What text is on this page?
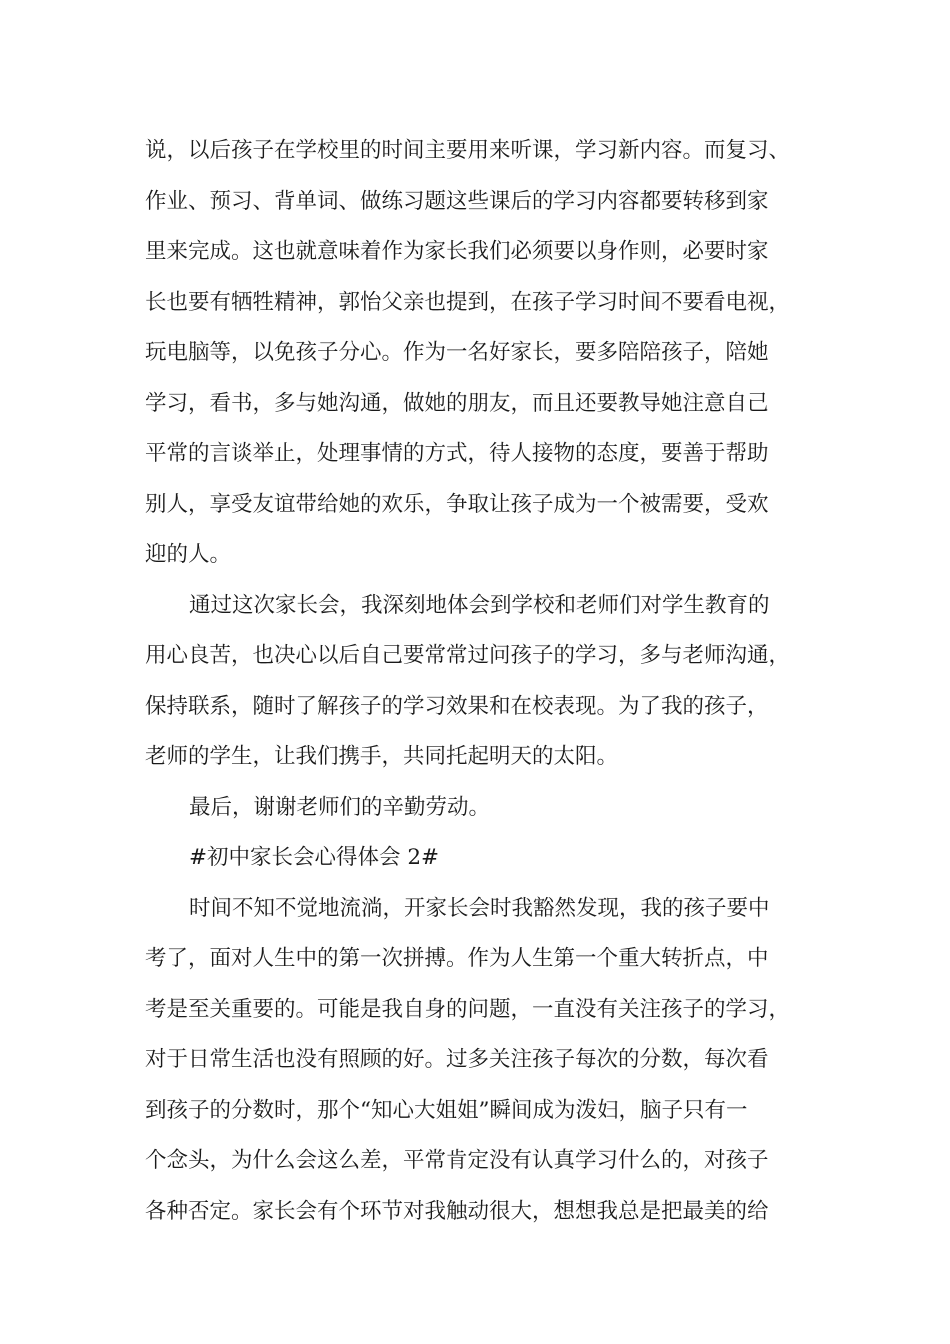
说，以后孩子在学校里的时间主要用来听课，学习新内容。而复习、
作业、预习、背单词、做练习题这些课后的学习内容都要转移到家
里来完成。这也就意味着作为家长我们必须要以身作则，必要时家
长也要有牺牲精神，郭怡父亲也提到，在孩子学习时间不要看电视，
玩电脑等，以免孩子分心。作为一名好家长，要多陪陪孩子，陪她
学习，看书，多与她沟通，做她的朋友，而且还要教导她注意自己
平常的言谈举止，处理事情的方式，待人接物的态度，要善于帮助
别人，享受友谊带给她的欢乐，争取让孩子成为一个被需要，受欢
迎的人。
通过这次家长会，我深刻地体会到学校和老师们对学生教育的
用心良苦，也决心以后自己要常常过问孩子的学习，多与老师沟通，
保持联系，随时了解孩子的学习效果和在校表现。为了我的孩子，
老师的学生，让我们携手，共同托起明天的太阳。
最后，谢谢老师们的辛勤劳动。
#初中家长会心得体会 2#
时间不知不觉地流淌，开家长会时我豁然发现，我的孩子要中
考了，面对人生中的第一次拼搏。作为人生第一个重大转折点，中
考是至关重要的。可能是我自身的问题，一直没有关注孩子的学习，
对于日常生活也没有照顾的好。过多关注孩子每次的分数，每次看
到孩子的分数时，那个“知心大姐姐”瞬间成为泼妇，脑子只有一
个念头，为什么会这么差，平常肯定没有认真学习什么的，对孩子
各种否定。家长会有个环节对我触动很大，想想我总是把最美的给
